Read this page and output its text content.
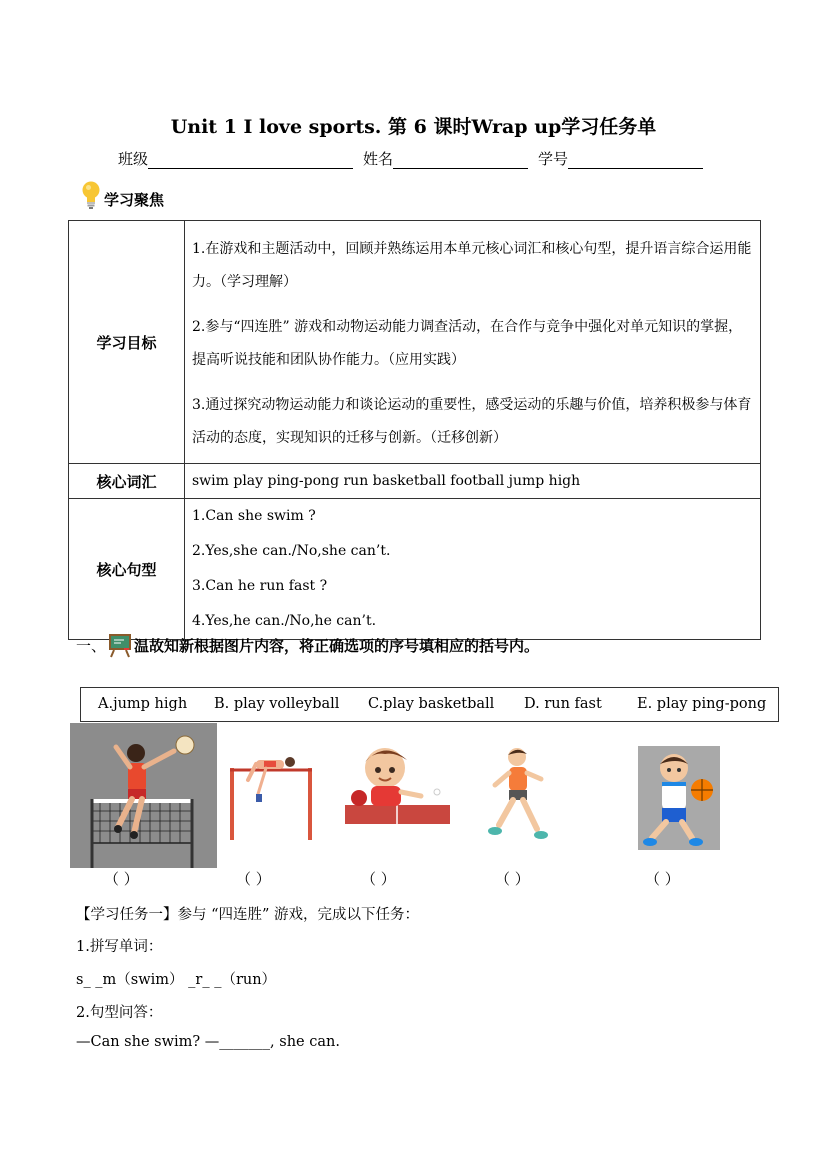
Unit 1 I love sports. 第 6 课时Wrap up学习任务单
班级	姓名	学号
学习聚焦
学习目标	1.在游戏和主题活动中，回顾并熟练运用本单元核心词汇和核心句型，提升语言综合运用能力。（学习理解）

2.参与“四连胜” 游戏和动物运动能力调查活动，在合作与竞争中强化对单元知识的掌握，提高听说技能和团队协作能力。（应用实践）

3.通过探究动物运动能力和谈论运动的重要性，感受运动的乐趣与价值，培养积极参与体育活动的态度，实现知识的迁移与创新。（迁移创新）

核心词汇	swim play ping-pong run basketball football jump high
核心句型	1.Can she swim ?
2.Yes,she can./No,she can’t.
3.Can he run fast ?
4.Yes,he can./No,he can’t.
一、 温故知新 根据图片内容，将正确选项的序号填相应的括号内。
A.jump high B. play volleyball C.play basketball D. run fast E. play ping-pong
（ ）	（ ）	（ ）	（ ）	（ ）
【学习任务一】参与 “四连胜” 游戏，完成以下任务：
1.拼写单词：
s_ _m（swim） _r_ _（run）
2.句型问答：
—Can she swim? —_______, she can.
